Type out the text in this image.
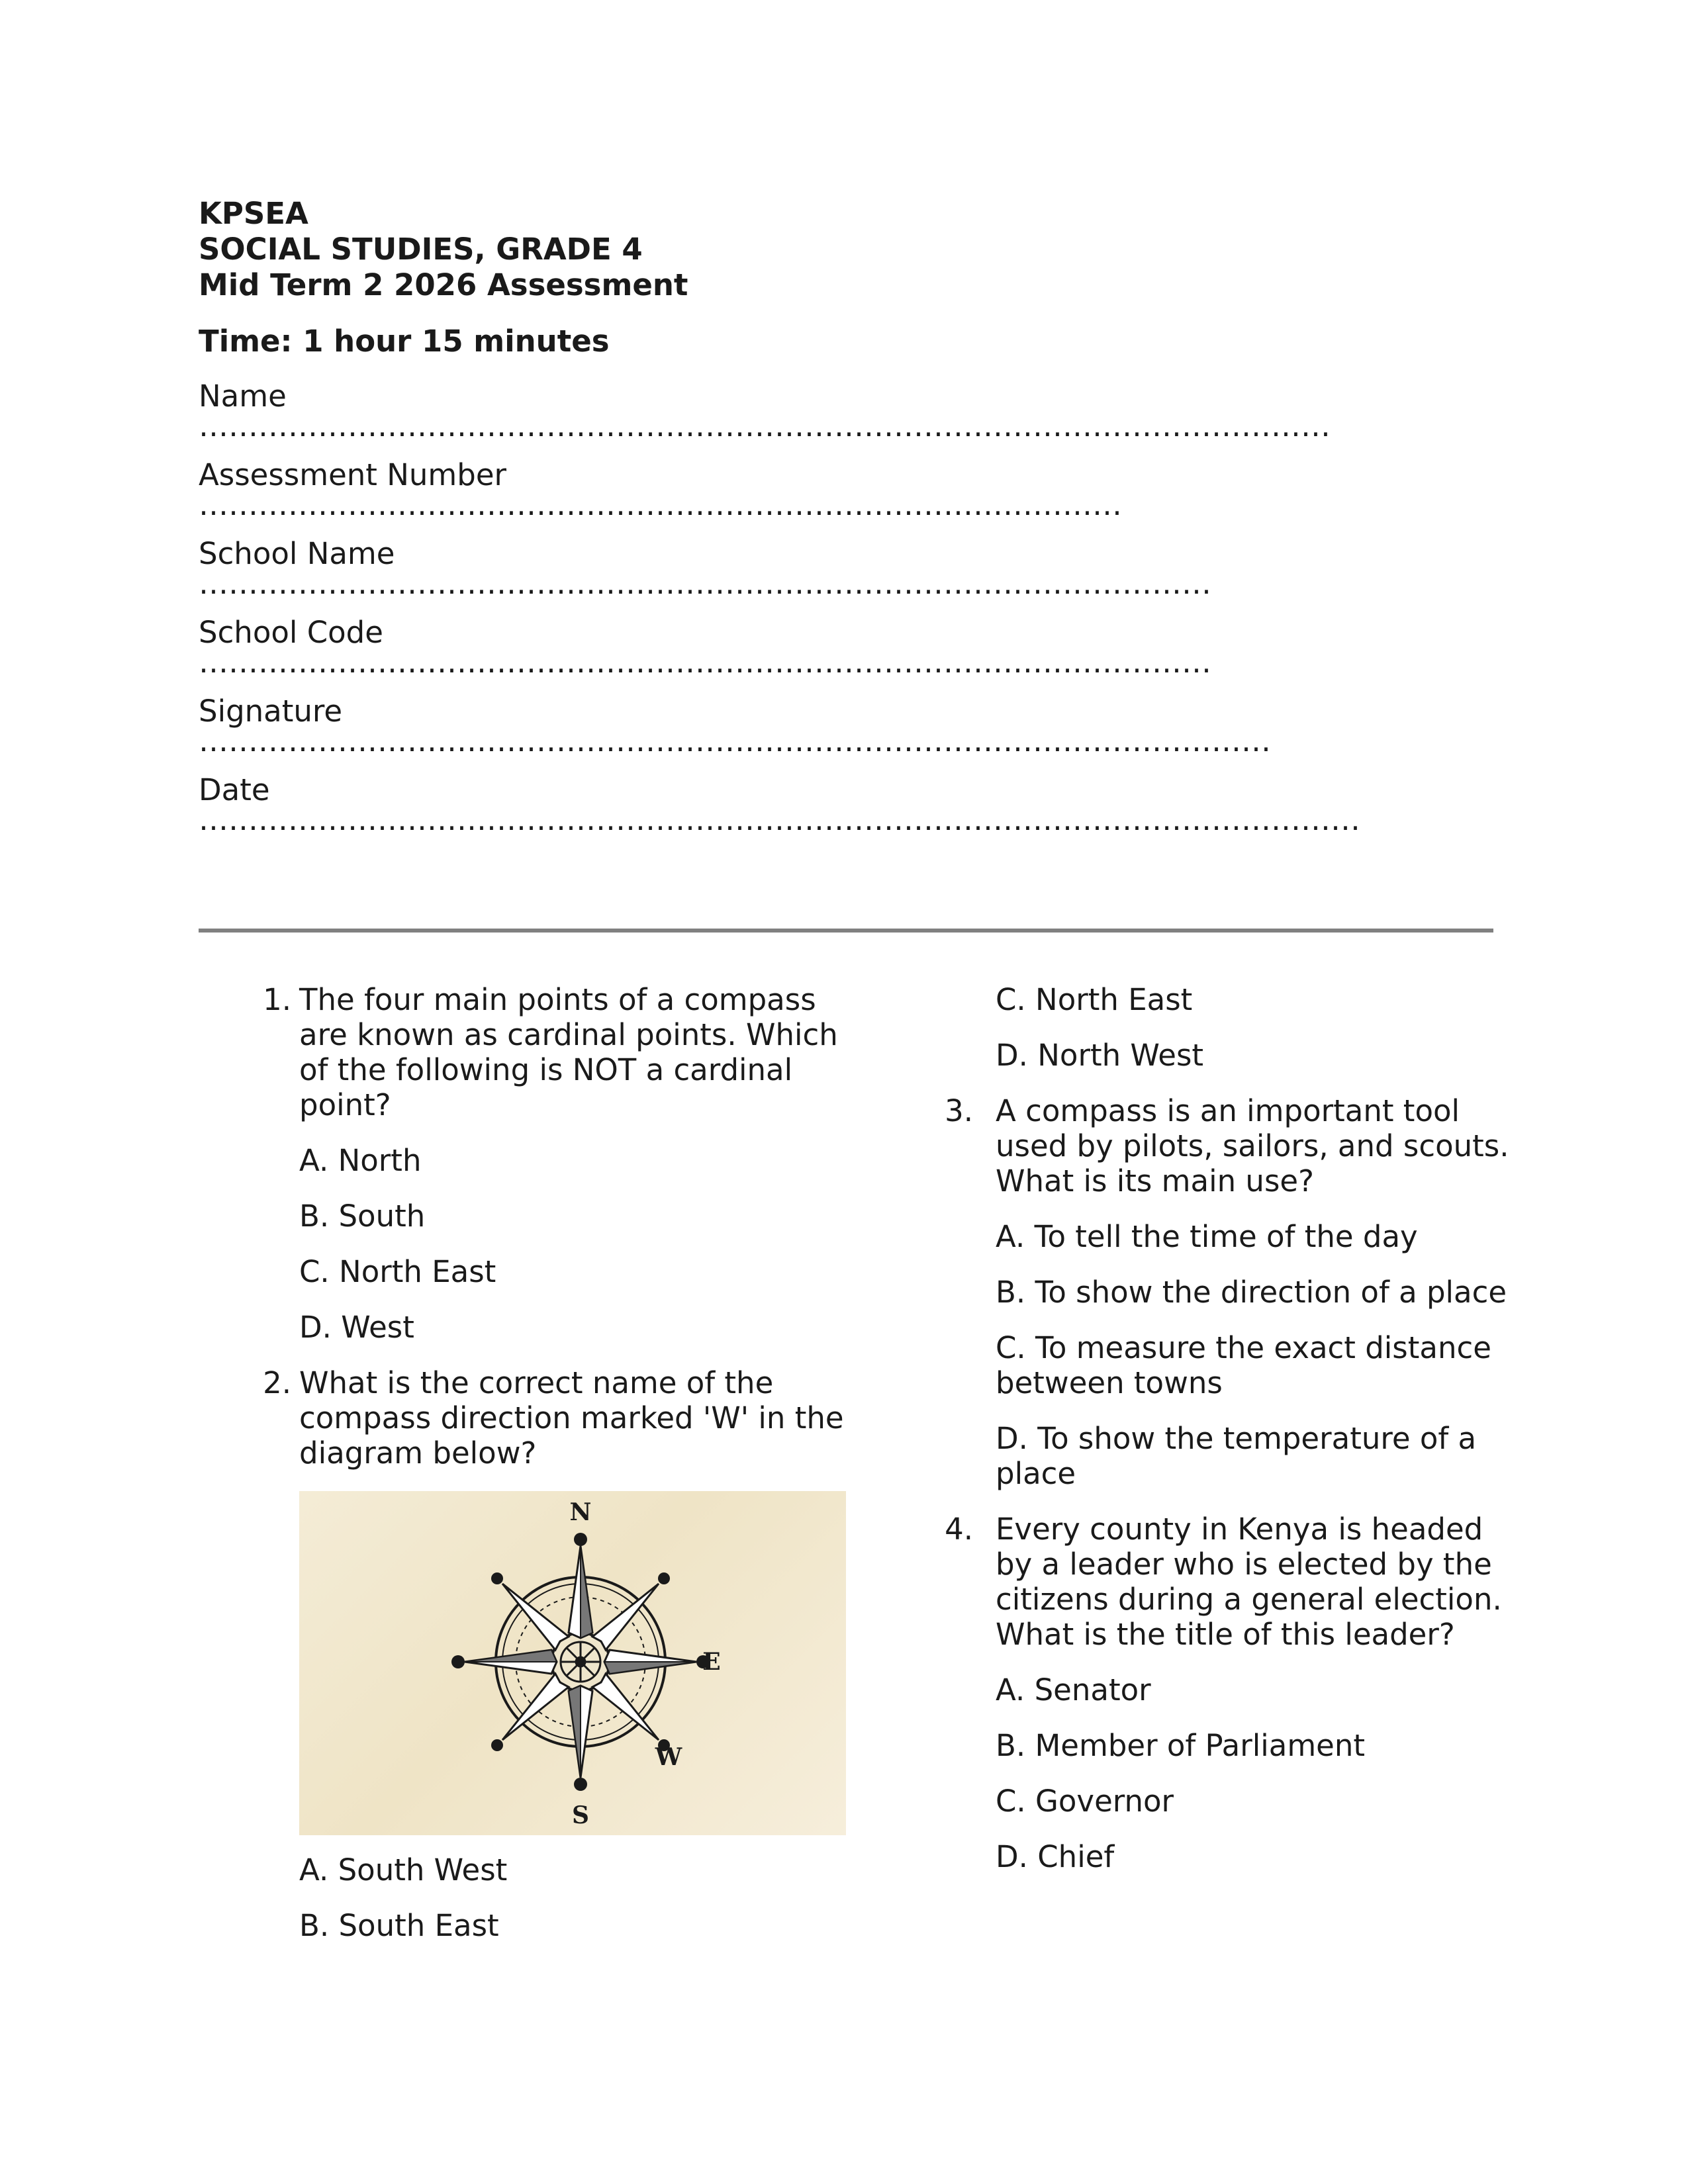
KPSEA
SOCIAL STUDIES, GRADE 4
Mid Term 2 2026 Assessment
Time: 1 hour 15 minutes
Name
……………………………………………………………………………………………………
Assessment Number
…………………………………………………………………………………
School Name
…………………………………………………………………………………………
School Code
…………………………………………………………………………………………
Signature
………………………………………………………………………………………………
Date
………………………………………………………………………………………………………
1. The four main points of a compass are known as cardinal points. Which of the following is NOT a cardinal point?
A. North
B. South
C. North East
D. West
2. What is the correct name of the compass direction marked 'W' in the diagram below?
N
E
W
S
A. South West
B. South East
C. North East
D. North West
3. A compass is an important tool used by pilots, sailors, and scouts. What is its main use?
A. To tell the time of the day
B. To show the direction of a place
C. To measure the exact distance between towns
D. To show the temperature of a place
4. Every county in Kenya is headed by a leader who is elected by the citizens during a general election. What is the title of this leader?
A. Senator
B. Member of Parliament
C. Governor
D. Chief
